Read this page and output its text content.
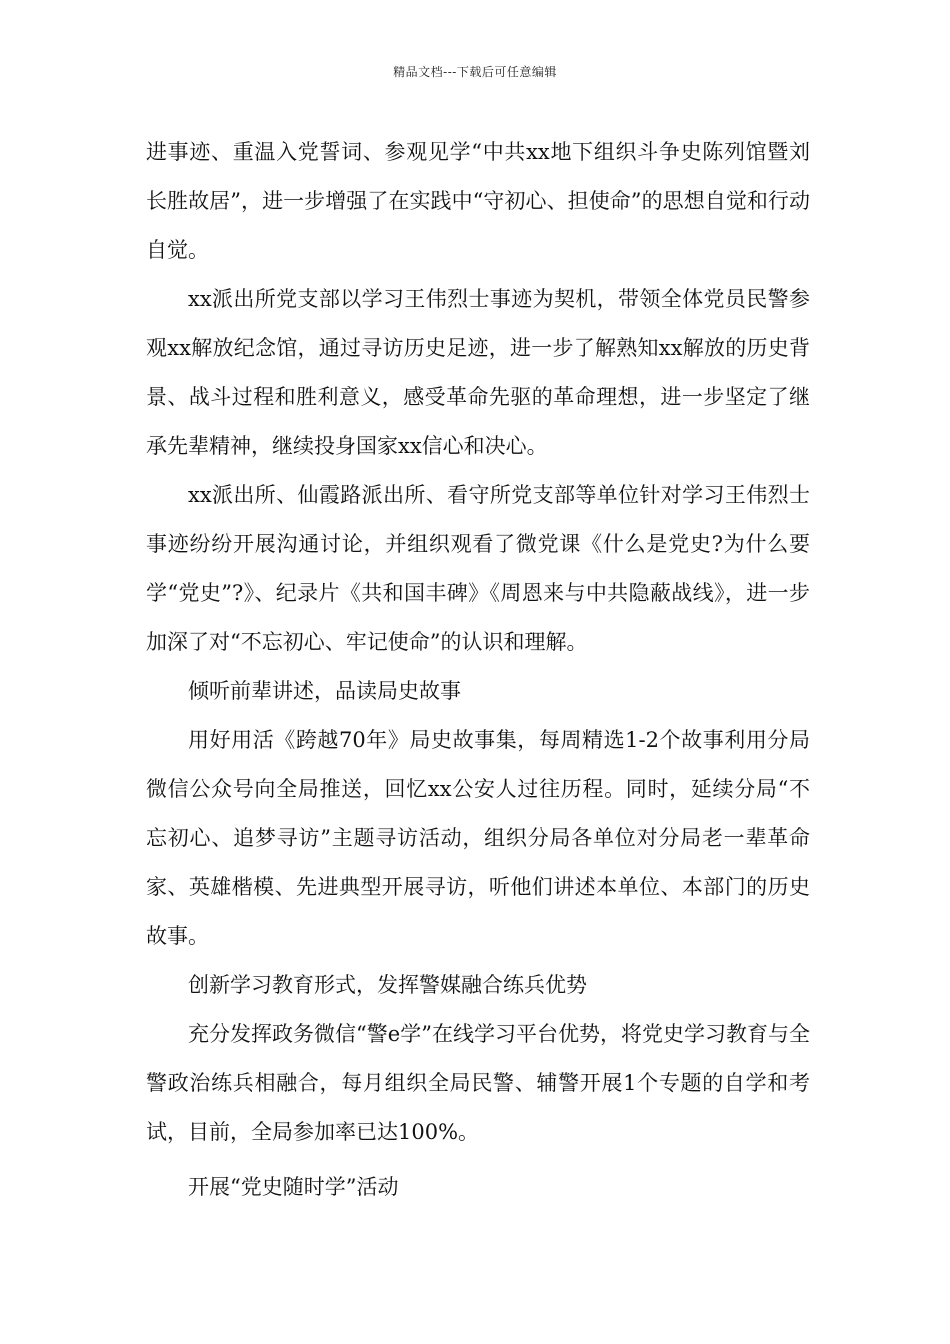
精品文档---下载后可任意编辑

进事迹、重温入党誓词、参观见学“中共xx地下组织斗争史陈列馆暨刘长胜故居”，进一步增强了在实践中“守初心、担使命”的思想自觉和行动自觉。

xx派出所党支部以学习王伟烈士事迹为契机，带领全体党员民警参观xx解放纪念馆，通过寻访历史足迹，进一步了解熟知xx解放的历史背景、战斗过程和胜利意义，感受革命先驱的革命理想，进一步坚定了继承先辈精神，继续投身国家xx信心和决心。

xx派出所、仙霞路派出所、看守所党支部等单位针对学习王伟烈士事迹纷纷开展沟通讨论，并组织观看了微党课《什么是党史?为什么要学“党史”?》、纪录片《共和国丰碑》《周恩来与中共隐蔽战线》，进一步加深了对“不忘初心、牢记使命”的认识和理解。

倾听前辈讲述，品读局史故事

用好用活《跨越70年》局史故事集，每周精选1-2个故事利用分局微信公众号向全局推送，回忆xx公安人过往历程。同时，延续分局“不忘初心、追梦寻访”主题寻访活动，组织分局各单位对分局老一辈革命家、英雄楷模、先进典型开展寻访，听他们讲述本单位、本部门的历史故事。

创新学习教育形式，发挥警媒融合练兵优势

充分发挥政务微信“警e学”在线学习平台优势，将党史学习教育与全警政治练兵相融合，每月组织全局民警、辅警开展1个专题的自学和考试，目前，全局参加率已达100%。

开展“党史随时学”活动
